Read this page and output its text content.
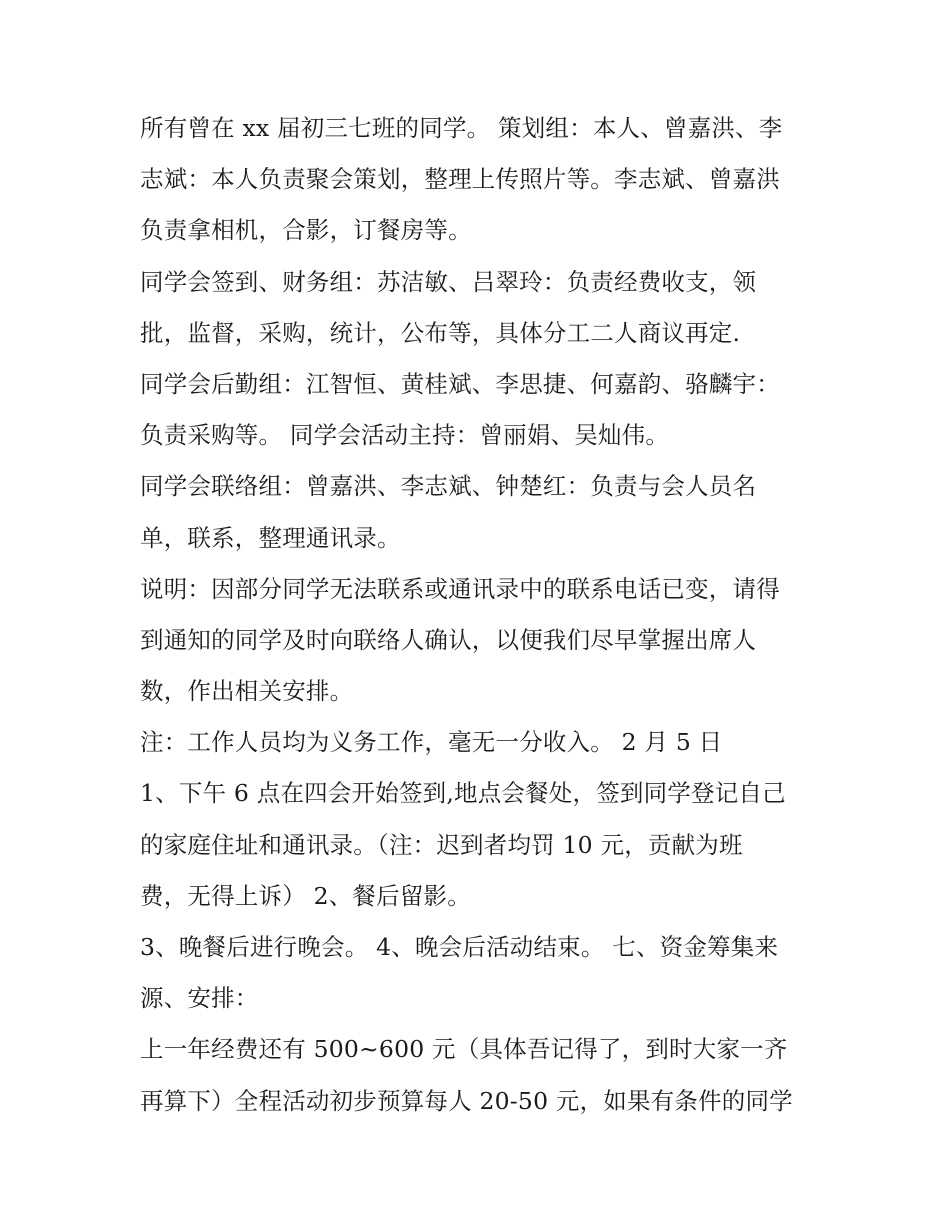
所有曾在 xx 届初三七班的同学。 策划组：本人、曾嘉洪、李
志斌：本人负责聚会策划，整理上传照片等。李志斌、曾嘉洪
负责拿相机，合影，订餐房等。
同学会签到、财务组：苏洁敏、吕翠玲：负责经费收支，领
批，监督，采购，统计，公布等，具体分工二人商议再定.
同学会后勤组：江智恒、黄桂斌、李思捷、何嘉韵、骆麟宇：
负责采购等。 同学会活动主持：曾丽娟、吴灿伟。
同学会联络组：曾嘉洪、李志斌、钟楚红：负责与会人员名
单，联系，整理通讯录。
说明：因部分同学无法联系或通讯录中的联系电话已变，请得
到通知的同学及时向联络人确认，以便我们尽早掌握出席人
数，作出相关安排。
注：工作人员均为义务工作，毫无一分收入。 2 月 5 日
1、下午 6 点在四会开始签到,地点会餐处，签到同学登记自己
的家庭住址和通讯录。（注：迟到者均罚 10 元，贡献为班
费，无得上诉） 2、餐后留影。
3、晚餐后进行晚会。 4、晚会后活动结束。 七、资金筹集来
源、安排：
上一年经费还有 500~600 元（具体吾记得了，到时大家一齐
再算下）全程活动初步预算每人 20-50 元，如果有条件的同学
